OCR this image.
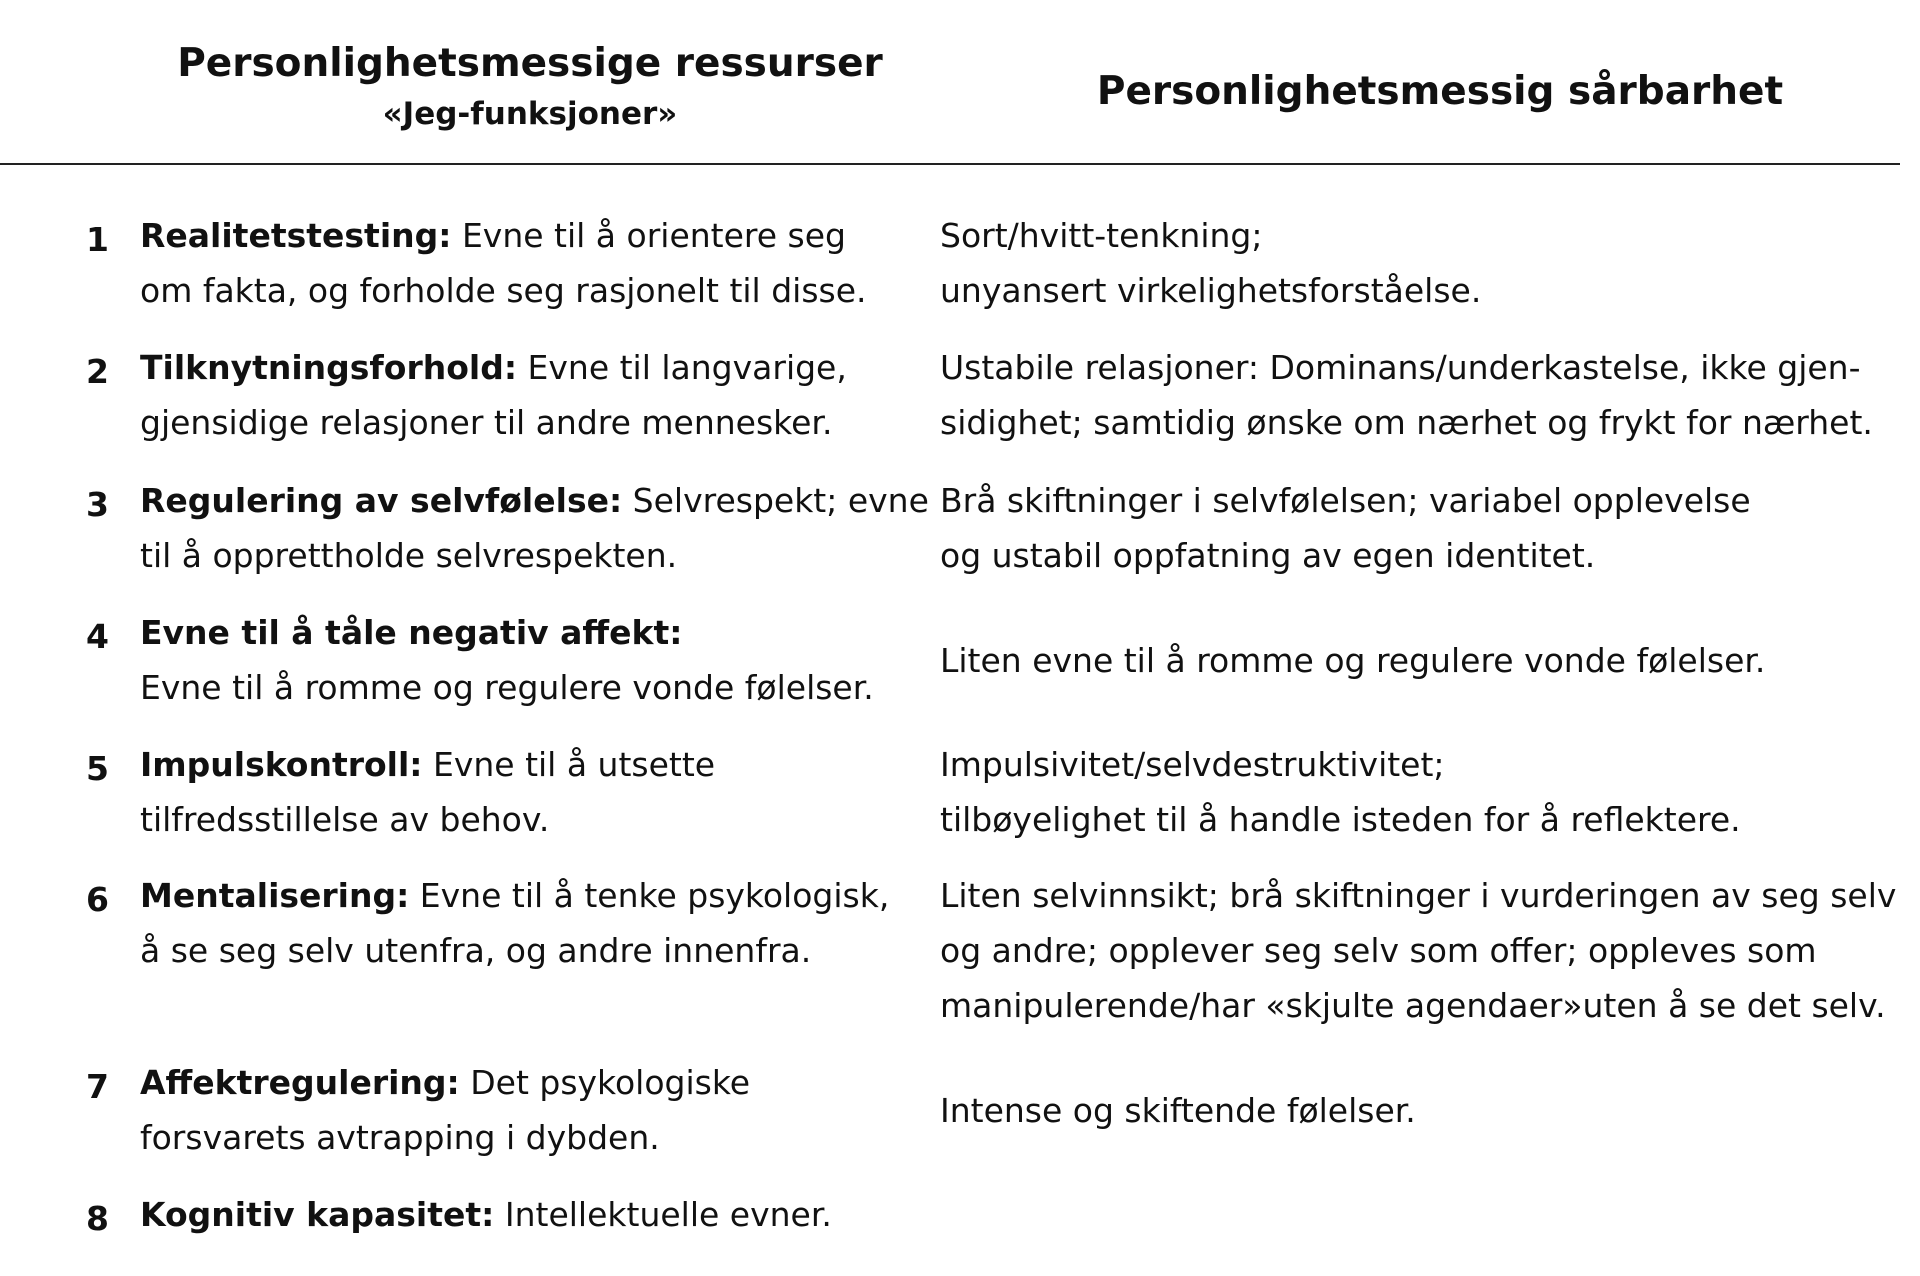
Personlighetsmessige ressurser
«Jeg-funksjoner»	Personlighetsmessig sårbarhet
1 Realitetstesting: Evne til å orientere seg
om fakta, og forholde seg rasjonelt til disse.
Sort/hvitt-tenkning;
unyansert virkelighetsforståelse.
2 Tilknytningsforhold: Evne til langvarige,
gjensidige relasjoner til andre mennesker.
Ustabile relasjoner: Dominans/underkastelse, ikke gjen-
sidighet; samtidig ønske om nærhet og frykt for nærhet.
3 Regulering av selvfølelse: Selvrespekt; evne
til å opprettholde selvrespekten.
Brå skiftninger i selvfølelsen; variabel opplevelse
og ustabil oppfatning av egen identitet.
4 Evne til å tåle negativ affekt:
Evne til å romme og regulere vonde følelser.
Liten evne til å romme og regulere vonde følelser.
5 Impulskontroll: Evne til å utsette
tilfredsstillelse av behov.
Impulsivitet/selvdestruktivitet;
tilbøyelighet til å handle isteden for å reflektere.
6 Mentalisering: Evne til å tenke psykologisk,
å se seg selv utenfra, og andre innenfra.
Liten selvinnsikt; brå skiftninger i vurderingen av seg selv
og andre; opplever seg selv som offer; oppleves som
manipulerende/har «skjulte agendaer»uten å se det selv.
7 Affektregulering: Det psykologiske
forsvarets avtrapping i dybden.
Intense og skiftende følelser.
8 Kognitiv kapasitet: Intellektuelle evner.
